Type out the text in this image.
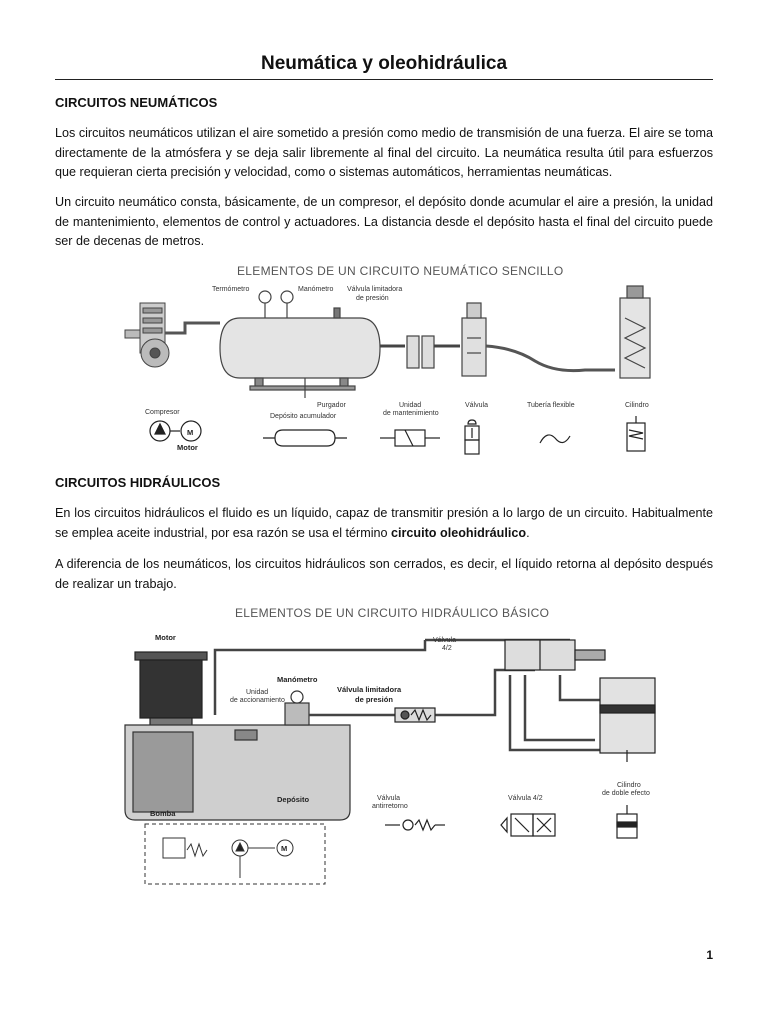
Neumática y oleohidráulica
CIRCUITOS NEUMÁTICOS

Los circuitos neumáticos utilizan el aire sometido a presión como medio de transmisión de una fuerza. El aire se toma directamente de la atmósfera y se deja salir libremente al final del circuito. La neumática resulta útil para esfuerzos que requieran cierta precisión y velocidad, como o sistemas automáticos, herramientas neumáticas.

Un circuito neumático consta, básicamente, de un compresor, el depósito donde acumular el aire a presión, la unidad de mantenimiento, elementos de control y actuadores. La distancia desde el depósito hasta el final del circuito puede ser de decenas de metros.

ELEMENTOS DE UN CIRCUITO NEUMÁTICO SENCILLO
Termómetro	Manómetro Válvula limitadora
de presión
Purgador
Depósito acumulador
Unidad
de mantenimiento
Válvula	Tubería flexible	Cilindro
Compresor
M
Motor
CIRCUITOS HIDRÁULICOS

En los circuitos hidráulicos el fluido es un líquido, capaz de transmitir presión a lo largo de un circuito. Habitualmente se emplea aceite industrial, por esa razón se usa el término circuito oleohidráulico.

A diferencia de los neumáticos, los circuitos hidráulicos son cerrados, es decir, el líquido retorna al depósito después de realizar un trabajo.

ELEMENTOS DE UN CIRCUITO HIDRÁULICO BÁSICO
Motor
Bomba
Depósito
Manómetro
Unidad
de accionamiento
Válvula limitadora
de presión
Válvula
4/2
Válvula
antirretorno
Válvula 4/2
Cilindro
de doble efecto
M
1
